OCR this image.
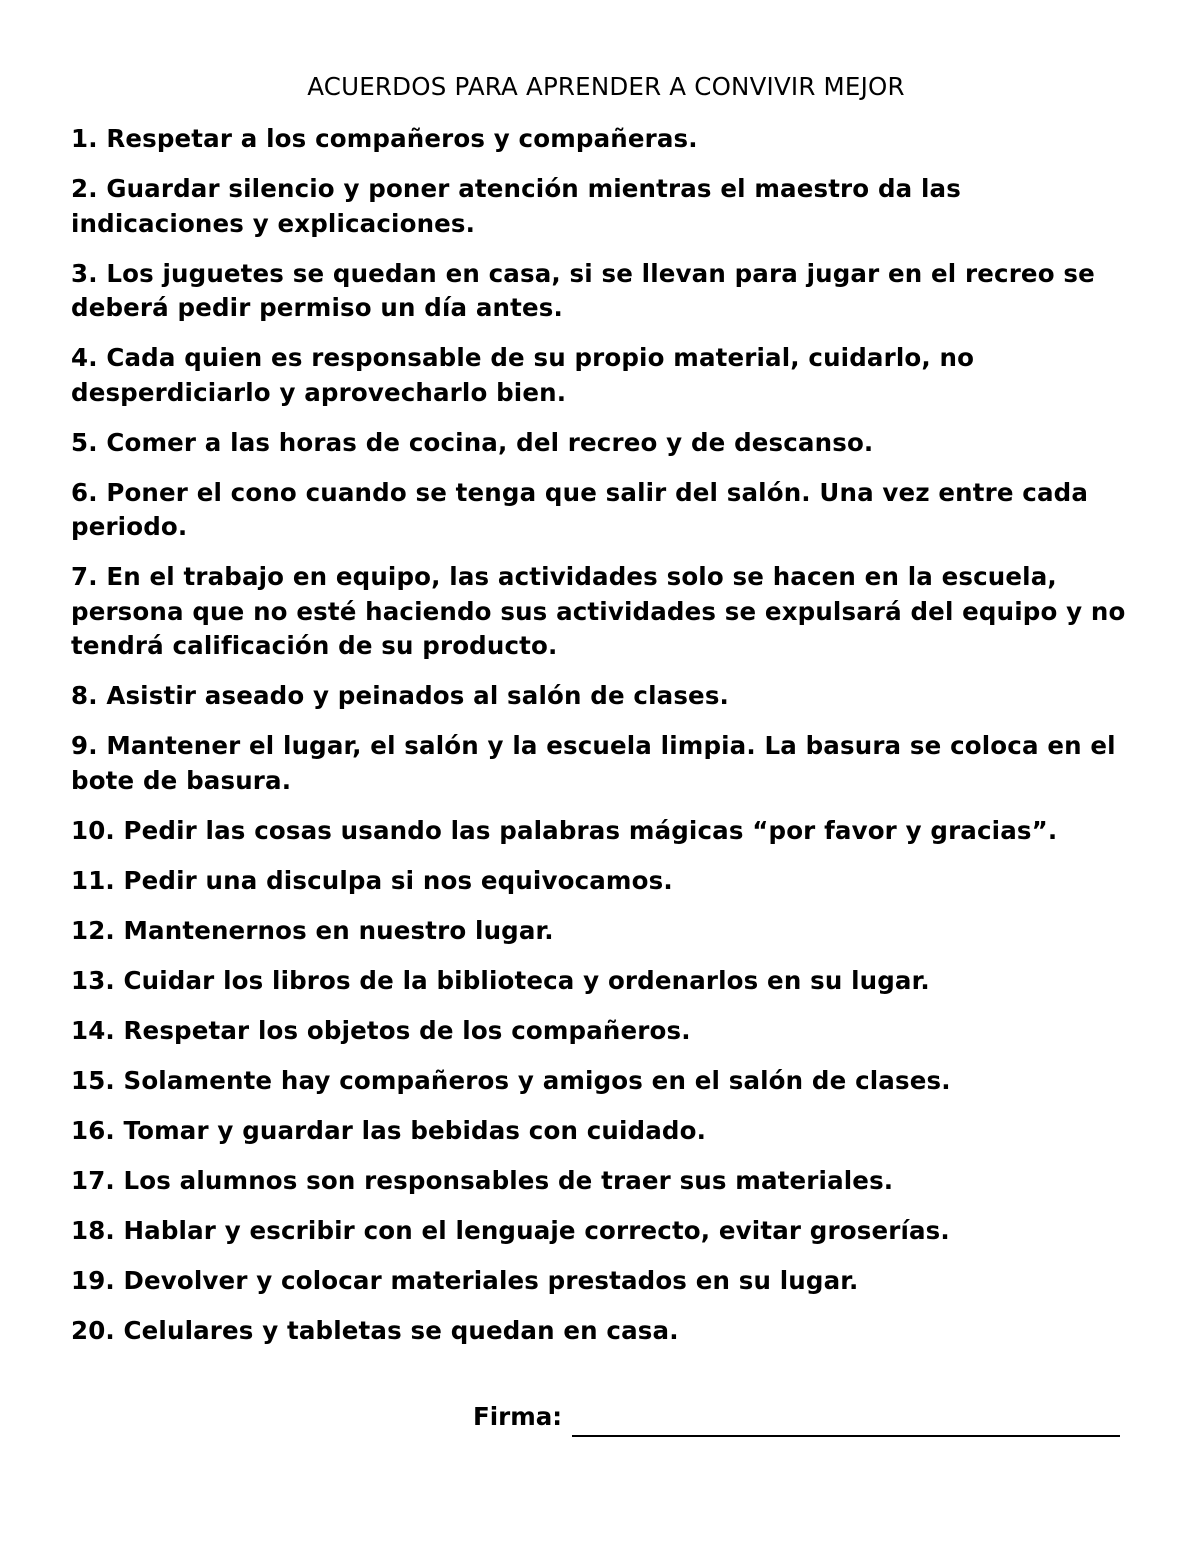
ACUERDOS PARA APRENDER A CONVIVIR MEJOR
1. Respetar a los compañeros y compañeras.
2. Guardar silencio y poner atención mientras el maestro da las indicaciones y explicaciones.
3. Los juguetes se quedan en casa, si se llevan para jugar en el recreo se deberá pedir permiso un día antes.
4. Cada quien es responsable de su propio material, cuidarlo, no desperdiciarlo y aprovecharlo bien.
5. Comer a las horas de cocina, del recreo y de descanso.
6. Poner el cono cuando se tenga que salir del salón. Una vez entre cada periodo.
7. En el trabajo en equipo, las actividades solo se hacen en la escuela, persona que no esté haciendo sus actividades se expulsará del equipo y no tendrá calificación de su producto.
8. Asistir aseado y peinados al salón de clases.
9. Mantener el lugar, el salón y la escuela limpia. La basura se coloca en el bote de basura.
10. Pedir las cosas usando las palabras mágicas “por favor y gracias”.
11. Pedir una disculpa si nos equivocamos.
12. Mantenernos en nuestro lugar.
13. Cuidar los libros de la biblioteca y ordenarlos en su lugar.
14. Respetar los objetos de los compañeros.
15. Solamente hay compañeros y amigos en el salón de clases.
16. Tomar y guardar las bebidas con cuidado.
17. Los alumnos son responsables de traer sus materiales.
18. Hablar y escribir con el lenguaje correcto, evitar groserías.
19. Devolver y colocar materiales prestados en su lugar.
20. Celulares y tabletas se quedan en casa.
Firma:
